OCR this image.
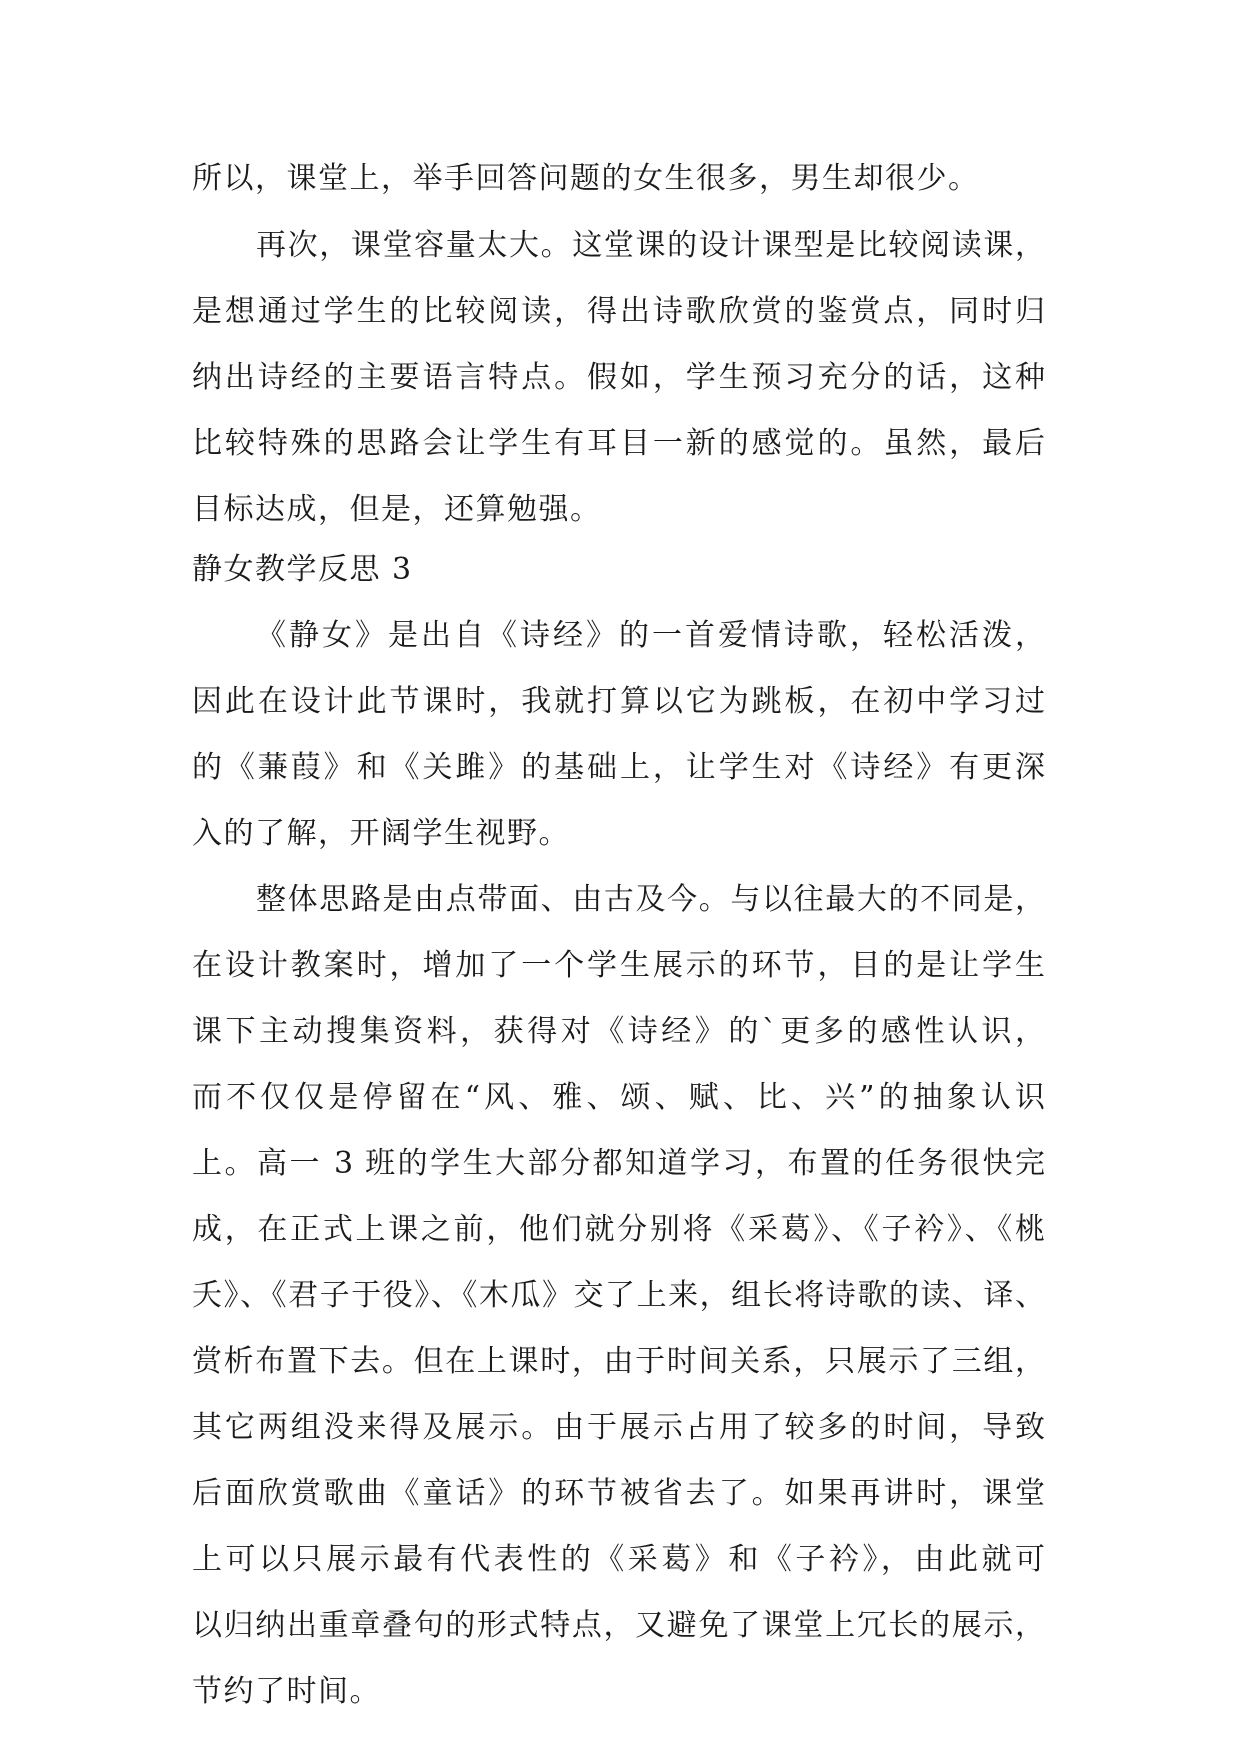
所以，课堂上，举手回答问题的女生很多，男生却很少。
再次，课堂容量太大。这堂课的设计课型是比较阅读课，
是想通过学生的比较阅读，得出诗歌欣赏的鉴赏点，同时归
纳出诗经的主要语言特点。假如，学生预习充分的话，这种
比较特殊的思路会让学生有耳目一新的感觉的。虽然，最后
目标达成，但是，还算勉强。
静女教学反思 3
《静女》是出自《诗经》的一首爱情诗歌，轻松活泼，
因此在设计此节课时，我就打算以它为跳板，在初中学习过
的《蒹葭》和《关雎》的基础上，让学生对《诗经》有更深
入的了解，开阔学生视野。
整体思路是由点带面、由古及今。与以往最大的不同是，
在设计教案时，增加了一个学生展示的环节，目的是让学生
课下主动搜集资料，获得对《诗经》的`更多的感性认识，
而不仅仅是停留在“风、雅、颂、赋、比、兴”的抽象认识
上。高一 3 班的学生大部分都知道学习，布置的任务很快完
成，在正式上课之前，他们就分别将《采葛》、《子衿》、《桃
夭》、《君子于役》、《木瓜》交了上来，组长将诗歌的读、译、
赏析布置下去。但在上课时，由于时间关系，只展示了三组，
其它两组没来得及展示。由于展示占用了较多的时间，导致
后面欣赏歌曲《童话》的环节被省去了。如果再讲时，课堂
上可以只展示最有代表性的《采葛》和《子衿》，由此就可
以归纳出重章叠句的形式特点，又避免了课堂上冗长的展示，
节约了时间。
